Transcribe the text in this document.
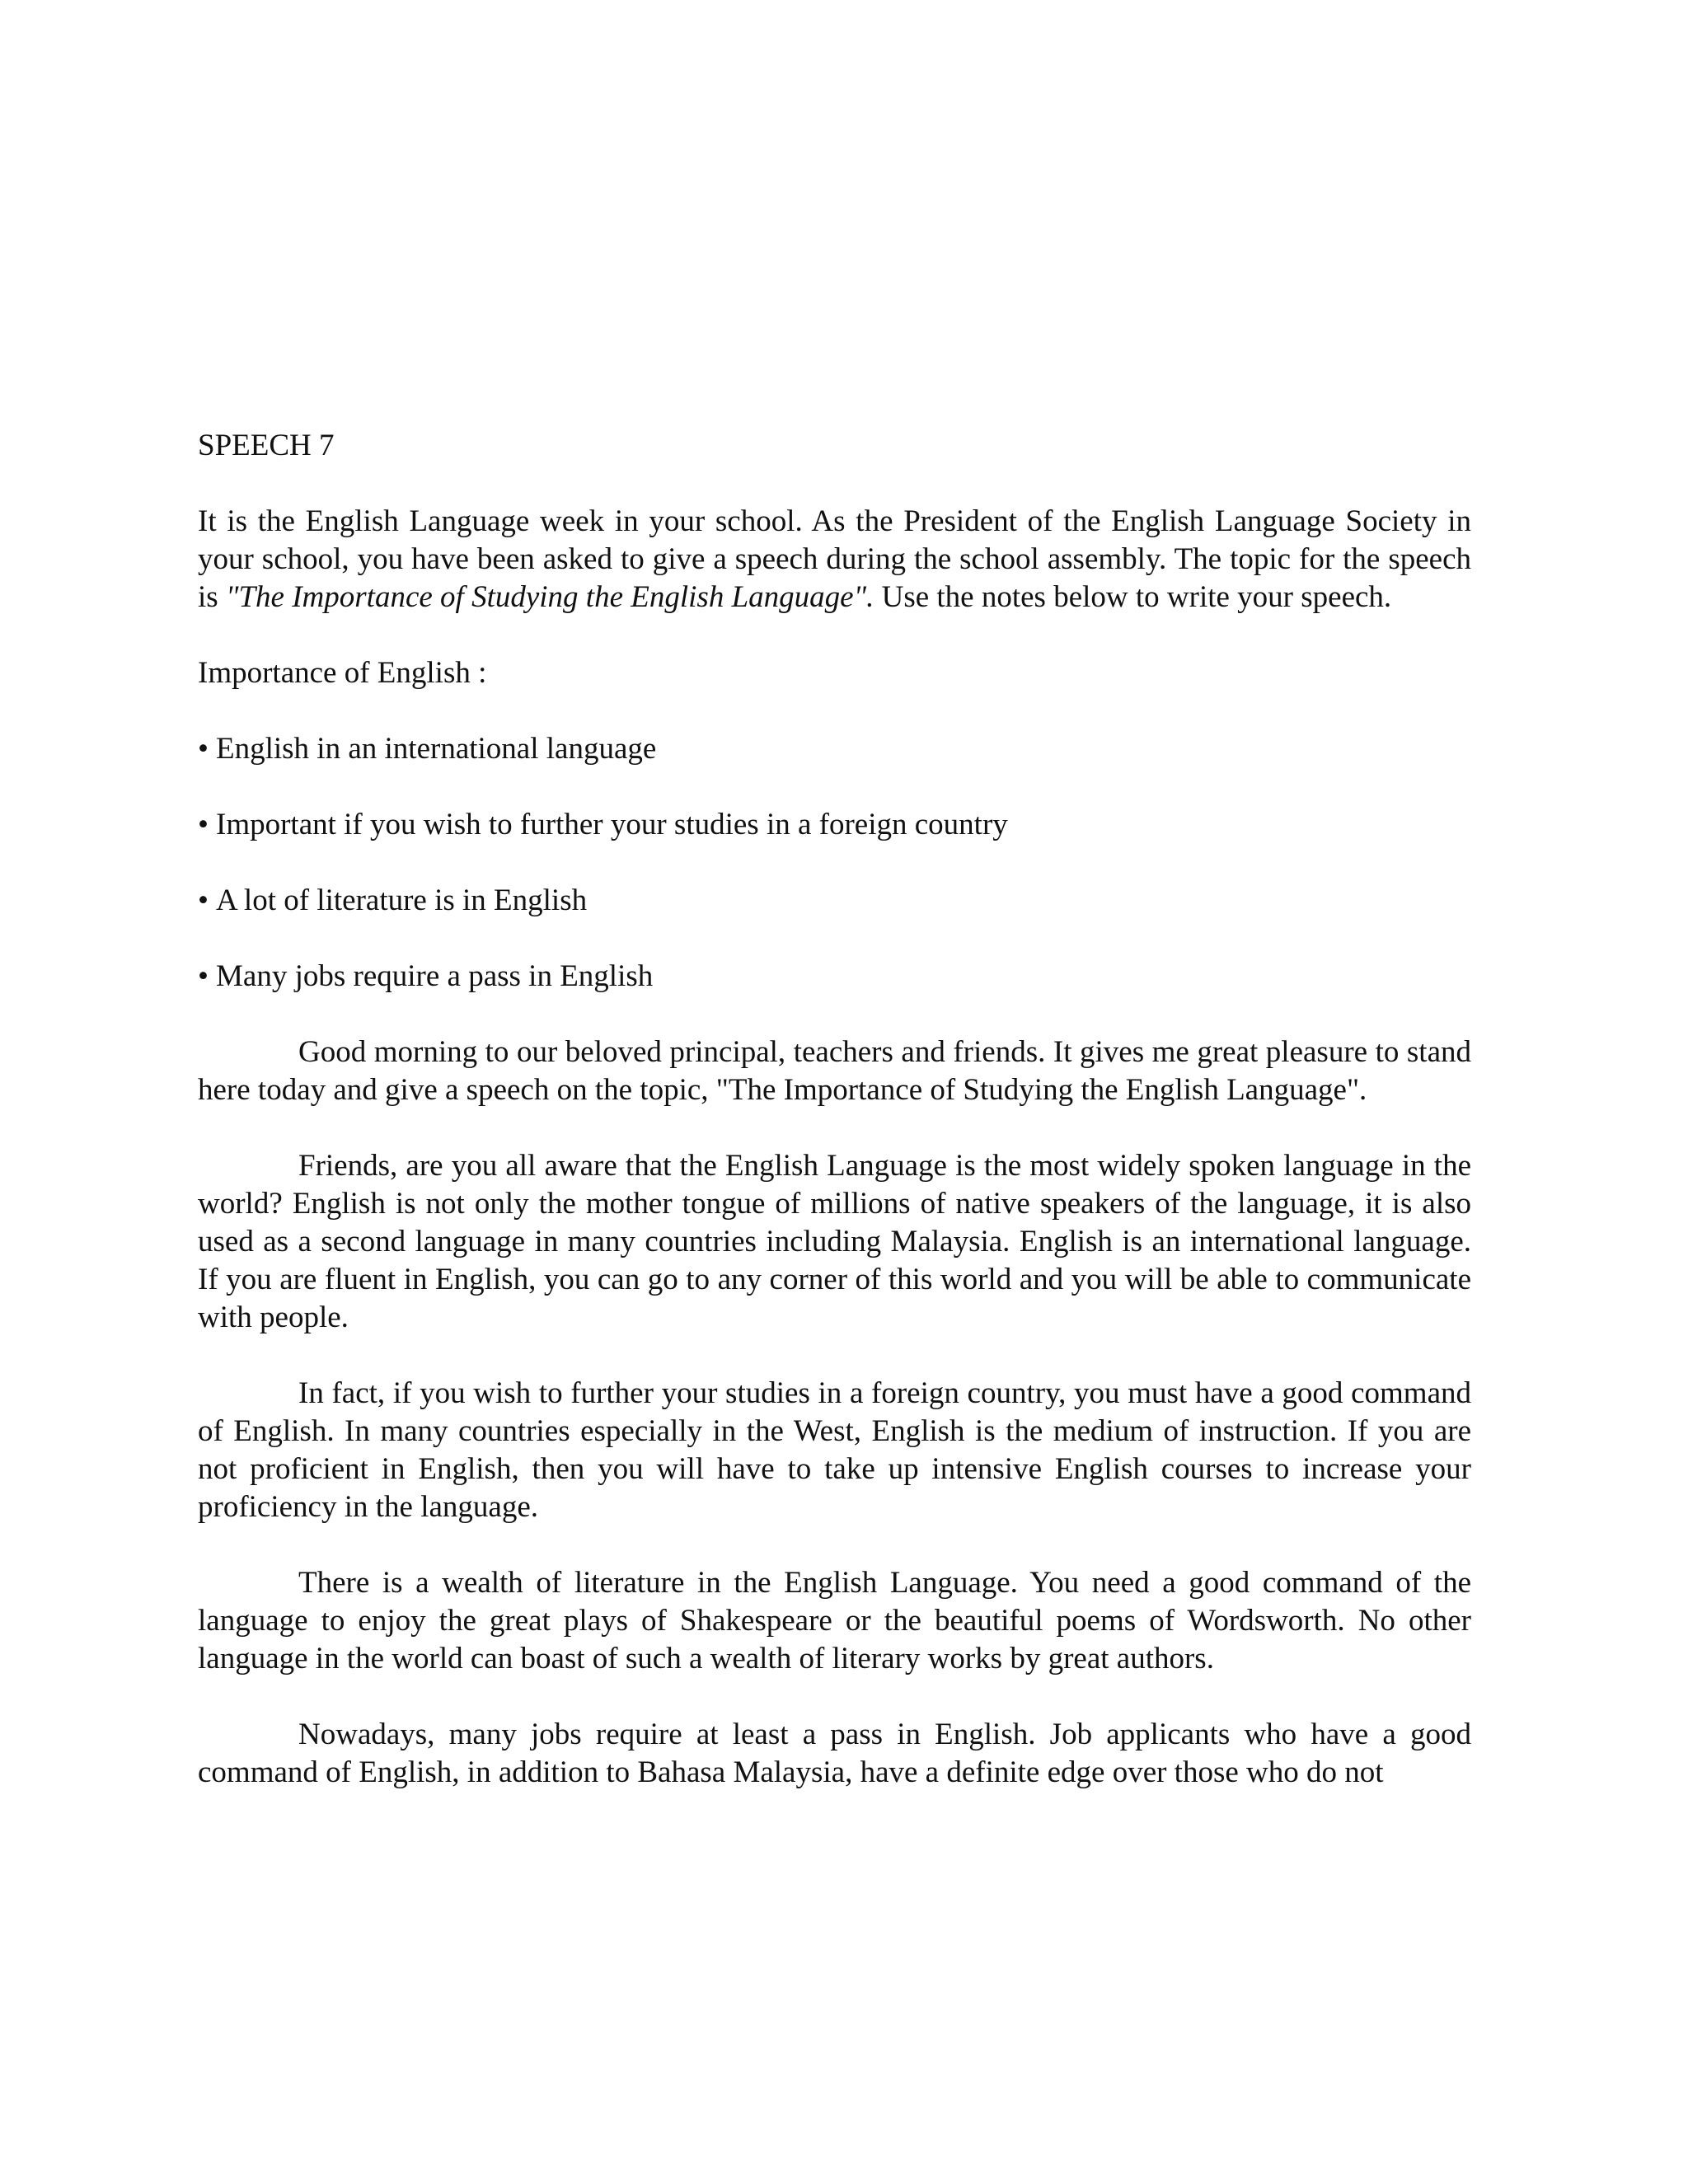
SPEECH 7

It is the English Language week in your school. As the President of the English Language Society in your school, you have been asked to give a speech during the school assembly. The topic for the speech is "The Importance of Studying the English Language". Use the notes below to write your speech.

Importance of English :

• English in an international language
• Important if you wish to further your studies in a foreign country
• A lot of literature is in English
• Many jobs require a pass in English

Good morning to our beloved principal, teachers and friends. It gives me great pleasure to stand here today and give a speech on the topic, "The Importance of Studying the English Language".

Friends, are you all aware that the English Language is the most widely spoken language in the world? English is not only the mother tongue of millions of native speakers of the language, it is also used as a second language in many countries including Malaysia. English is an international language. If you are fluent in English, you can go to any corner of this world and you will be able to communicate with people.

In fact, if you wish to further your studies in a foreign country, you must have a good command of English. In many countries especially in the West, English is the medium of instruction. If you are not proficient in English, then you will have to take up intensive English courses to increase your proficiency in the language.

There is a wealth of literature in the English Language. You need a good command of the language to enjoy the great plays of Shakespeare or the beautiful poems of Wordsworth. No other language in the world can boast of such a wealth of literary works by great authors.

Nowadays, many jobs require at least a pass in English. Job applicants who have a good command of English, in addition to Bahasa Malaysia, have a definite edge over those who do not
